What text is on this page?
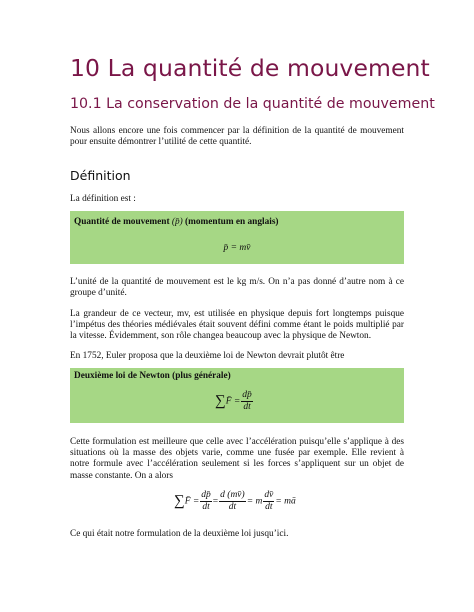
10 La quantité de mouvement
10.1 La conservation de la quantité de mouvement
Nous allons encore une fois commencer par la définition de la quantité de mouvement pour ensuite démontrer l’utilité de cette quantité.
Définition
La définition est :
Quantité de mouvement (p̄) (momentum en anglais)
p̄ = mv̄
L’unité de la quantité de mouvement est le kg m/s. On n’a pas donné d’autre nom à ce groupe d’unité.
La grandeur de ce vecteur, mv, est utilisée en physique depuis fort longtemps puisque l’impétus des théories médiévales était souvent défini comme étant le poids multiplié par la vitesse. Évidemment, son rôle changea beaucoup avec la physique de Newton.
En 1752, Euler proposa que la deuxième loi de Newton devrait plutôt être
Deuxième loi de Newton (plus générale)
∑F̄ = $\frac{dp̄}{dt}$
Cette formulation est meilleure que celle avec l’accélération puisqu’elle s’applique à des situations où la masse des objets varie, comme une fusée par exemple. Elle revient à notre formule avec l’accélération seulement si les forces s’appliquent sur un objet de masse constante. On a alors
∑F̄ = $\frac{dp̄}{dt} = \frac{d (mv̄)}{dt} = m \frac{dv̄}{dt}$ = mā
Ce qui était notre formulation de la deuxième loi jusqu’ici.
